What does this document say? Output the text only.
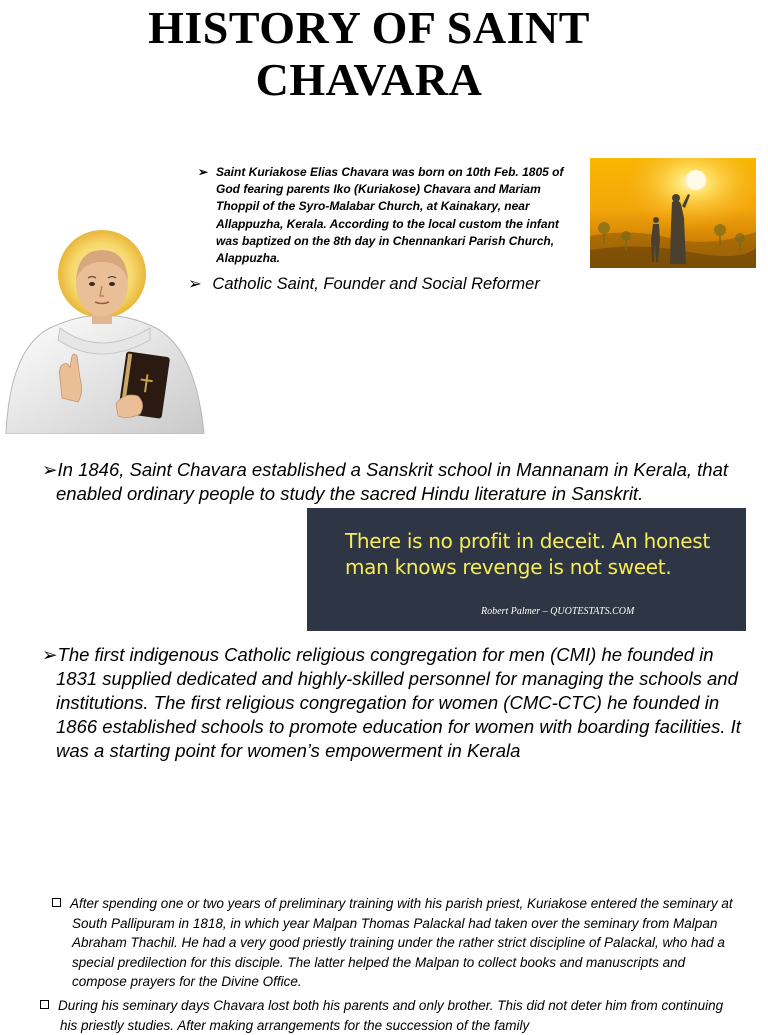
HISTORY OF SAINT
CHAVARA
➢ Saint Kuriakose Elias Chavara was born on 10th Feb. 1805 of God fearing parents Iko (Kuriakose) Chavara and Mariam Thoppil of the Syro-Malabar Church, at Kainakary, near Allappuzha, Kerala. According to the local custom the infant was baptized on the 8th day in Chennankari Parish Church, Alappuzha.
➢ Catholic Saint, Founder and Social Reformer
➢In 1846, Saint Chavara established a Sanskrit school in Mannanam in Kerala, that enabled ordinary people to study the sacred Hindu literature in Sanskrit.
There is no profit in deceit. An honest man knows revenge is not sweet.
Robert Palmer – QUOTESTATS.COM
➢The first indigenous Catholic religious congregation for men (CMI) he founded in 1831 supplied dedicated and highly-skilled personnel for managing the schools and institutions. The first religious congregation for women (CMC-CTC) he founded in 1866 established schools to promote education for women with boarding facilities. It was a starting point for women’s empowerment in Kerala
After spending one or two years of preliminary training with his parish priest, Kuriakose entered the seminary at South Pallipuram in 1818, in which year Malpan Thomas Palackal had taken over the seminary from Malpan Abraham Thachil. He had a very good priestly training under the rather strict discipline of Palackal, who had a special predilection for this disciple. The latter helped the Malpan to collect books and manuscripts and compose prayers for the Divine Office.
During his seminary days Chavara lost both his parents and only brother. This did not deter him from continuing his priestly studies. After making arrangements for the succession of the family
